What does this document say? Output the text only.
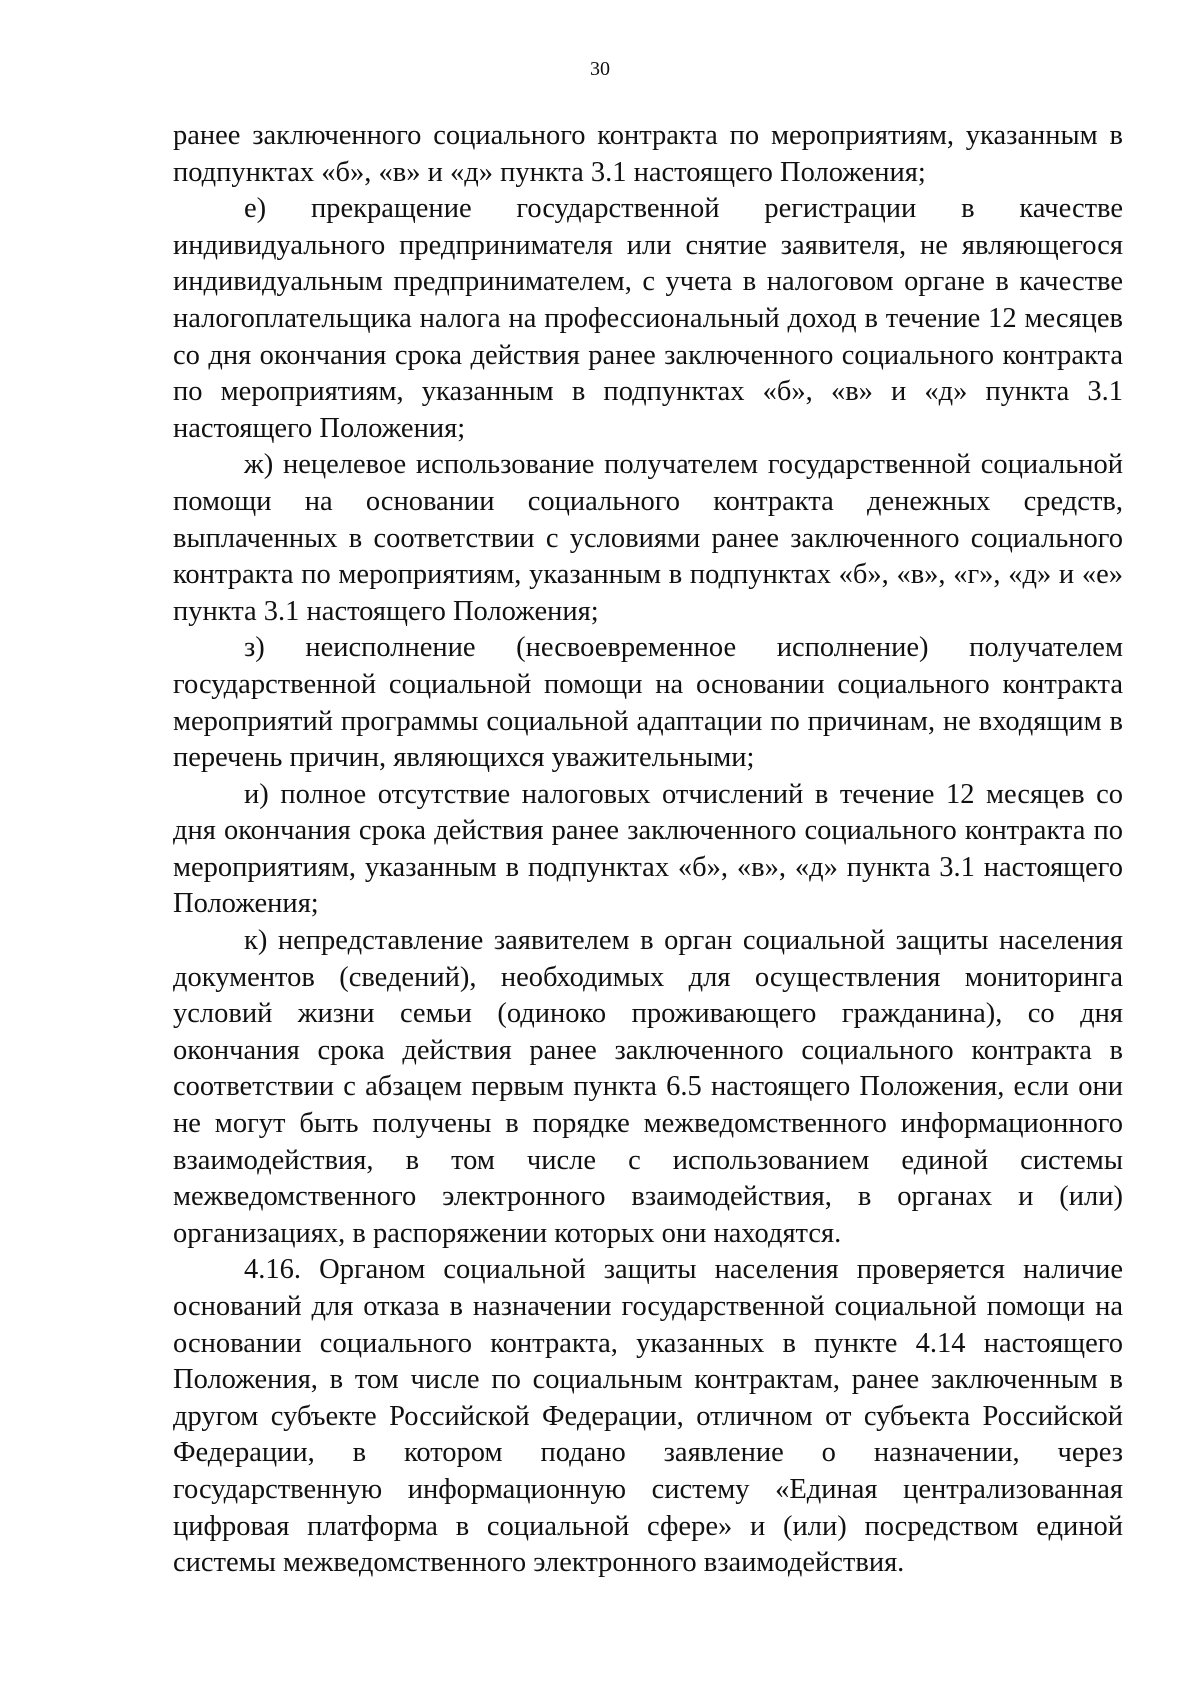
30

ранее заключенного социального контракта по мероприятиям, указанным в подпунктах «б», «в» и «д» пункта 3.1 настоящего Положения;

е) прекращение государственной регистрации в качестве индивидуального предпринимателя или снятие заявителя, не являющегося индивидуальным предпринимателем, с учета в налоговом органе в качестве налогоплательщика налога на профессиональный доход в течение 12 месяцев со дня окончания срока действия ранее заключенного социального контракта по мероприятиям, указанным в подпунктах «б», «в» и «д» пункта 3.1 настоящего Положения;

ж) нецелевое использование получателем государственной социальной помощи на основании социального контракта денежных средств, выплаченных в соответствии с условиями ранее заключенного социального контракта по мероприятиям, указанным в подпунктах «б», «в», «г», «д» и «е» пункта 3.1 настоящего Положения;

з) неисполнение (несвоевременное исполнение) получателем государственной социальной помощи на основании социального контракта мероприятий программы социальной адаптации по причинам, не входящим в перечень причин, являющихся уважительными;

и) полное отсутствие налоговых отчислений в течение 12 месяцев со дня окончания срока действия ранее заключенного социального контракта по мероприятиям, указанным в подпунктах «б», «в», «д» пункта 3.1 настоящего Положения;

к) непредставление заявителем в орган социальной защиты населения документов (сведений), необходимых для осуществления мониторинга условий жизни семьи (одиноко проживающего гражданина), со дня окончания срока действия ранее заключенного социального контракта в соответствии с абзацем первым пункта 6.5 настоящего Положения, если они не могут быть получены в порядке межведомственного информационного взаимодействия, в том числе с использованием единой системы межведомственного электронного взаимодействия, в органах и (или) организациях, в распоряжении которых они находятся.

4.16. Органом социальной защиты населения проверяется наличие оснований для отказа в назначении государственной социальной помощи на основании социального контракта, указанных в пункте 4.14 настоящего Положения, в том числе по социальным контрактам, ранее заключенным в другом субъекте Российской Федерации, отличном от субъекта Российской Федерации, в котором подано заявление о назначении, через государственную информационную систему «Единая централизованная цифровая платформа в социальной сфере» и (или) посредством единой системы межведомственного электронного взаимодействия.
